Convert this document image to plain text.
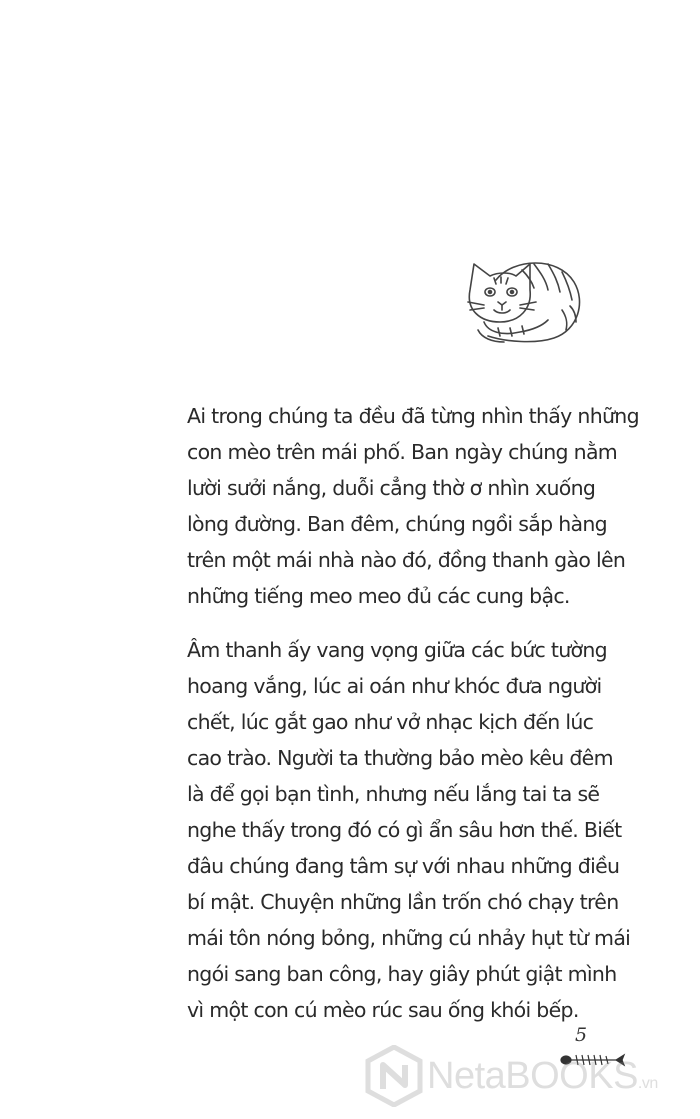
Ai trong chúng ta đều đã từng nhìn thấy những
con mèo trên mái phố. Ban ngày chúng nằm
lười sưởi nắng, duỗi cẳng thờ ơ nhìn xuống
lòng đường. Ban đêm, chúng ngồi sắp hàng
trên một mái nhà nào đó, đồng thanh gào lên
những tiếng meo meo đủ các cung bậc.

Âm thanh ấy vang vọng giữa các bức tường
hoang vắng, lúc ai oán như khóc đưa người
chết, lúc gắt gao như vở nhạc kịch đến lúc
cao trào. Người ta thường bảo mèo kêu đêm
là để gọi bạn tình, nhưng nếu lắng tai ta sẽ
nghe thấy trong đó có gì ẩn sâu hơn thế. Biết
đâu chúng đang tâm sự với nhau những điều
bí mật. Chuyện những lần trốn chó chạy trên
mái tôn nóng bỏng, những cú nhảy hụt từ mái
ngói sang ban công, hay giây phút giật mình
vì một con cú mèo rúc sau ống khói bếp.

5
NetaBOOKS.vn
